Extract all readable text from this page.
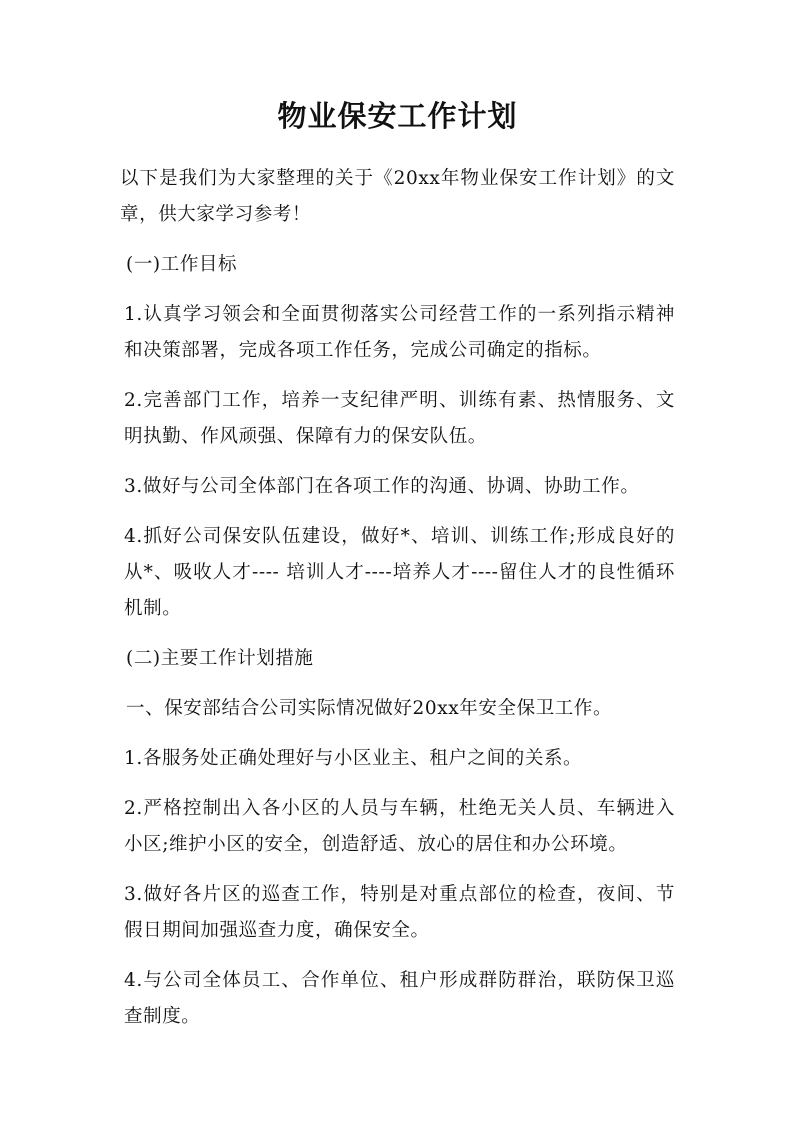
物业保安工作计划

以下是我们为大家整理的关于《20xx年物业保安工作计划》的文章，供大家学习参考！

(一)工作目标

1.认真学习领会和全面贯彻落实公司经营工作的一系列指示精神和决策部署，完成各项工作任务，完成公司确定的指标。

2.完善部门工作，培养一支纪律严明、训练有素、热情服务、文明执勤、作风顽强、保障有力的保安队伍。

3.做好与公司全体部门在各项工作的沟通、协调、协助工作。

4.抓好公司保安队伍建设，做好*、培训、训练工作;形成良好的从*、吸收人才---- 培训人才----培养人才----留住人才的良性循环机制。

(二)主要工作计划措施

一、保安部结合公司实际情况做好20xx年安全保卫工作。

1.各服务处正确处理好与小区业主、租户之间的关系。

2.严格控制出入各小区的人员与车辆，杜绝无关人员、车辆进入小区;维护小区的安全，创造舒适、放心的居住和办公环境。

3.做好各片区的巡查工作，特别是对重点部位的检查，夜间、节假日期间加强巡查力度，确保安全。

4.与公司全体员工、合作单位、租户形成群防群治，联防保卫巡查制度。
